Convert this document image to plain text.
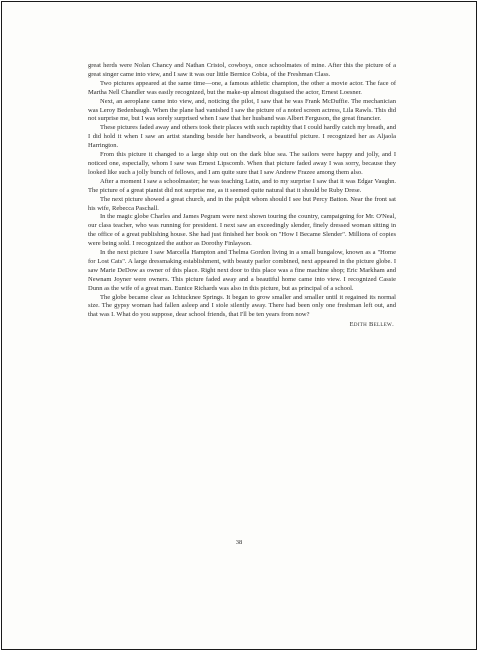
great herds were Nolan Chancy and Nathan Cristol, cowboys, once schoolmates of mine. After this the picture of a great singer came into view, and I saw it was our little Bernice Cobia, of the Freshman Class.

Two pictures appeared at the same time—one, a famous athletic champion, the other a movie actor. The face of Martha Nell Chandler was easily recognized, but the make-up almost disguised the actor, Ernest Loesner.

Next, an aeroplane came into view, and, noticing the pilot, I saw that he was Frank McDuffie. The mechanician was Leroy Bedenbaugh. When the plane had vanished I saw the picture of a noted screen actress, Lila Rawls. This did not surprise me, but I was sorely surprised when I saw that her husband was Albert Ferguson, the great financier.

These pictures faded away and others took their places with such rapidity that I could hardly catch my breath, and I did hold it when I saw an artist standing beside her handiwork, a beautiful picture. I recognized her as Aljaola Harrington.

From this picture it changed to a large ship out on the dark blue sea. The sailors were happy and jolly, and I noticed one, especially, whom I saw was Ernest Lipscomb. When that picture faded away I was sorry, because they looked like such a jolly bunch of fellows, and I am quite sure that I saw Andrew Frazee among them also.

After a moment I saw a schoolmaster; he was teaching Latin, and to my surprise I saw that it was Edgar Vaughn. The picture of a great pianist did not surprise me, as it seemed quite natural that it should be Ruby Drese.

The next picture showed a great church, and in the pulpit whom should I see but Percy Batton. Near the front sat his wife, Rebecca Paschall.

In the magic globe Charles and James Pegram were next shown touring the country, campaigning for Mr. O'Neal, our class teacher, who was running for president. I next saw an exceedingly slender, finely dressed woman sitting in the office of a great publishing house. She had just finished her book on "How I Became Slender". Millions of copies were being sold. I recognized the author as Dorothy Finlayson.

In the next picture I saw Marcella Hampton and Thelma Gordon living in a small bungalow, known as a "Home for Lost Cats". A large dressmaking establishment, with beauty parlor combined, next appeared in the picture globe. I saw Marie DeDow as owner of this place. Right next door to this place was a fine machine shop; Eric Markham and Newnam Joyner were owners. This picture faded away and a beautiful home came into view. I recognized Cassie Dunn as the wife of a great man. Eunice Richards was also in this picture, but as principal of a school.

The globe became clear as Ichtucknee Springs. It began to grow smaller and smaller until it regained its normal size. The gypsy woman had fallen asleep and I stole silently away. There had been only one freshman left out, and that was I. What do you suppose, dear school friends, that I'll be ten years from now?

Edith Bellew.

38
